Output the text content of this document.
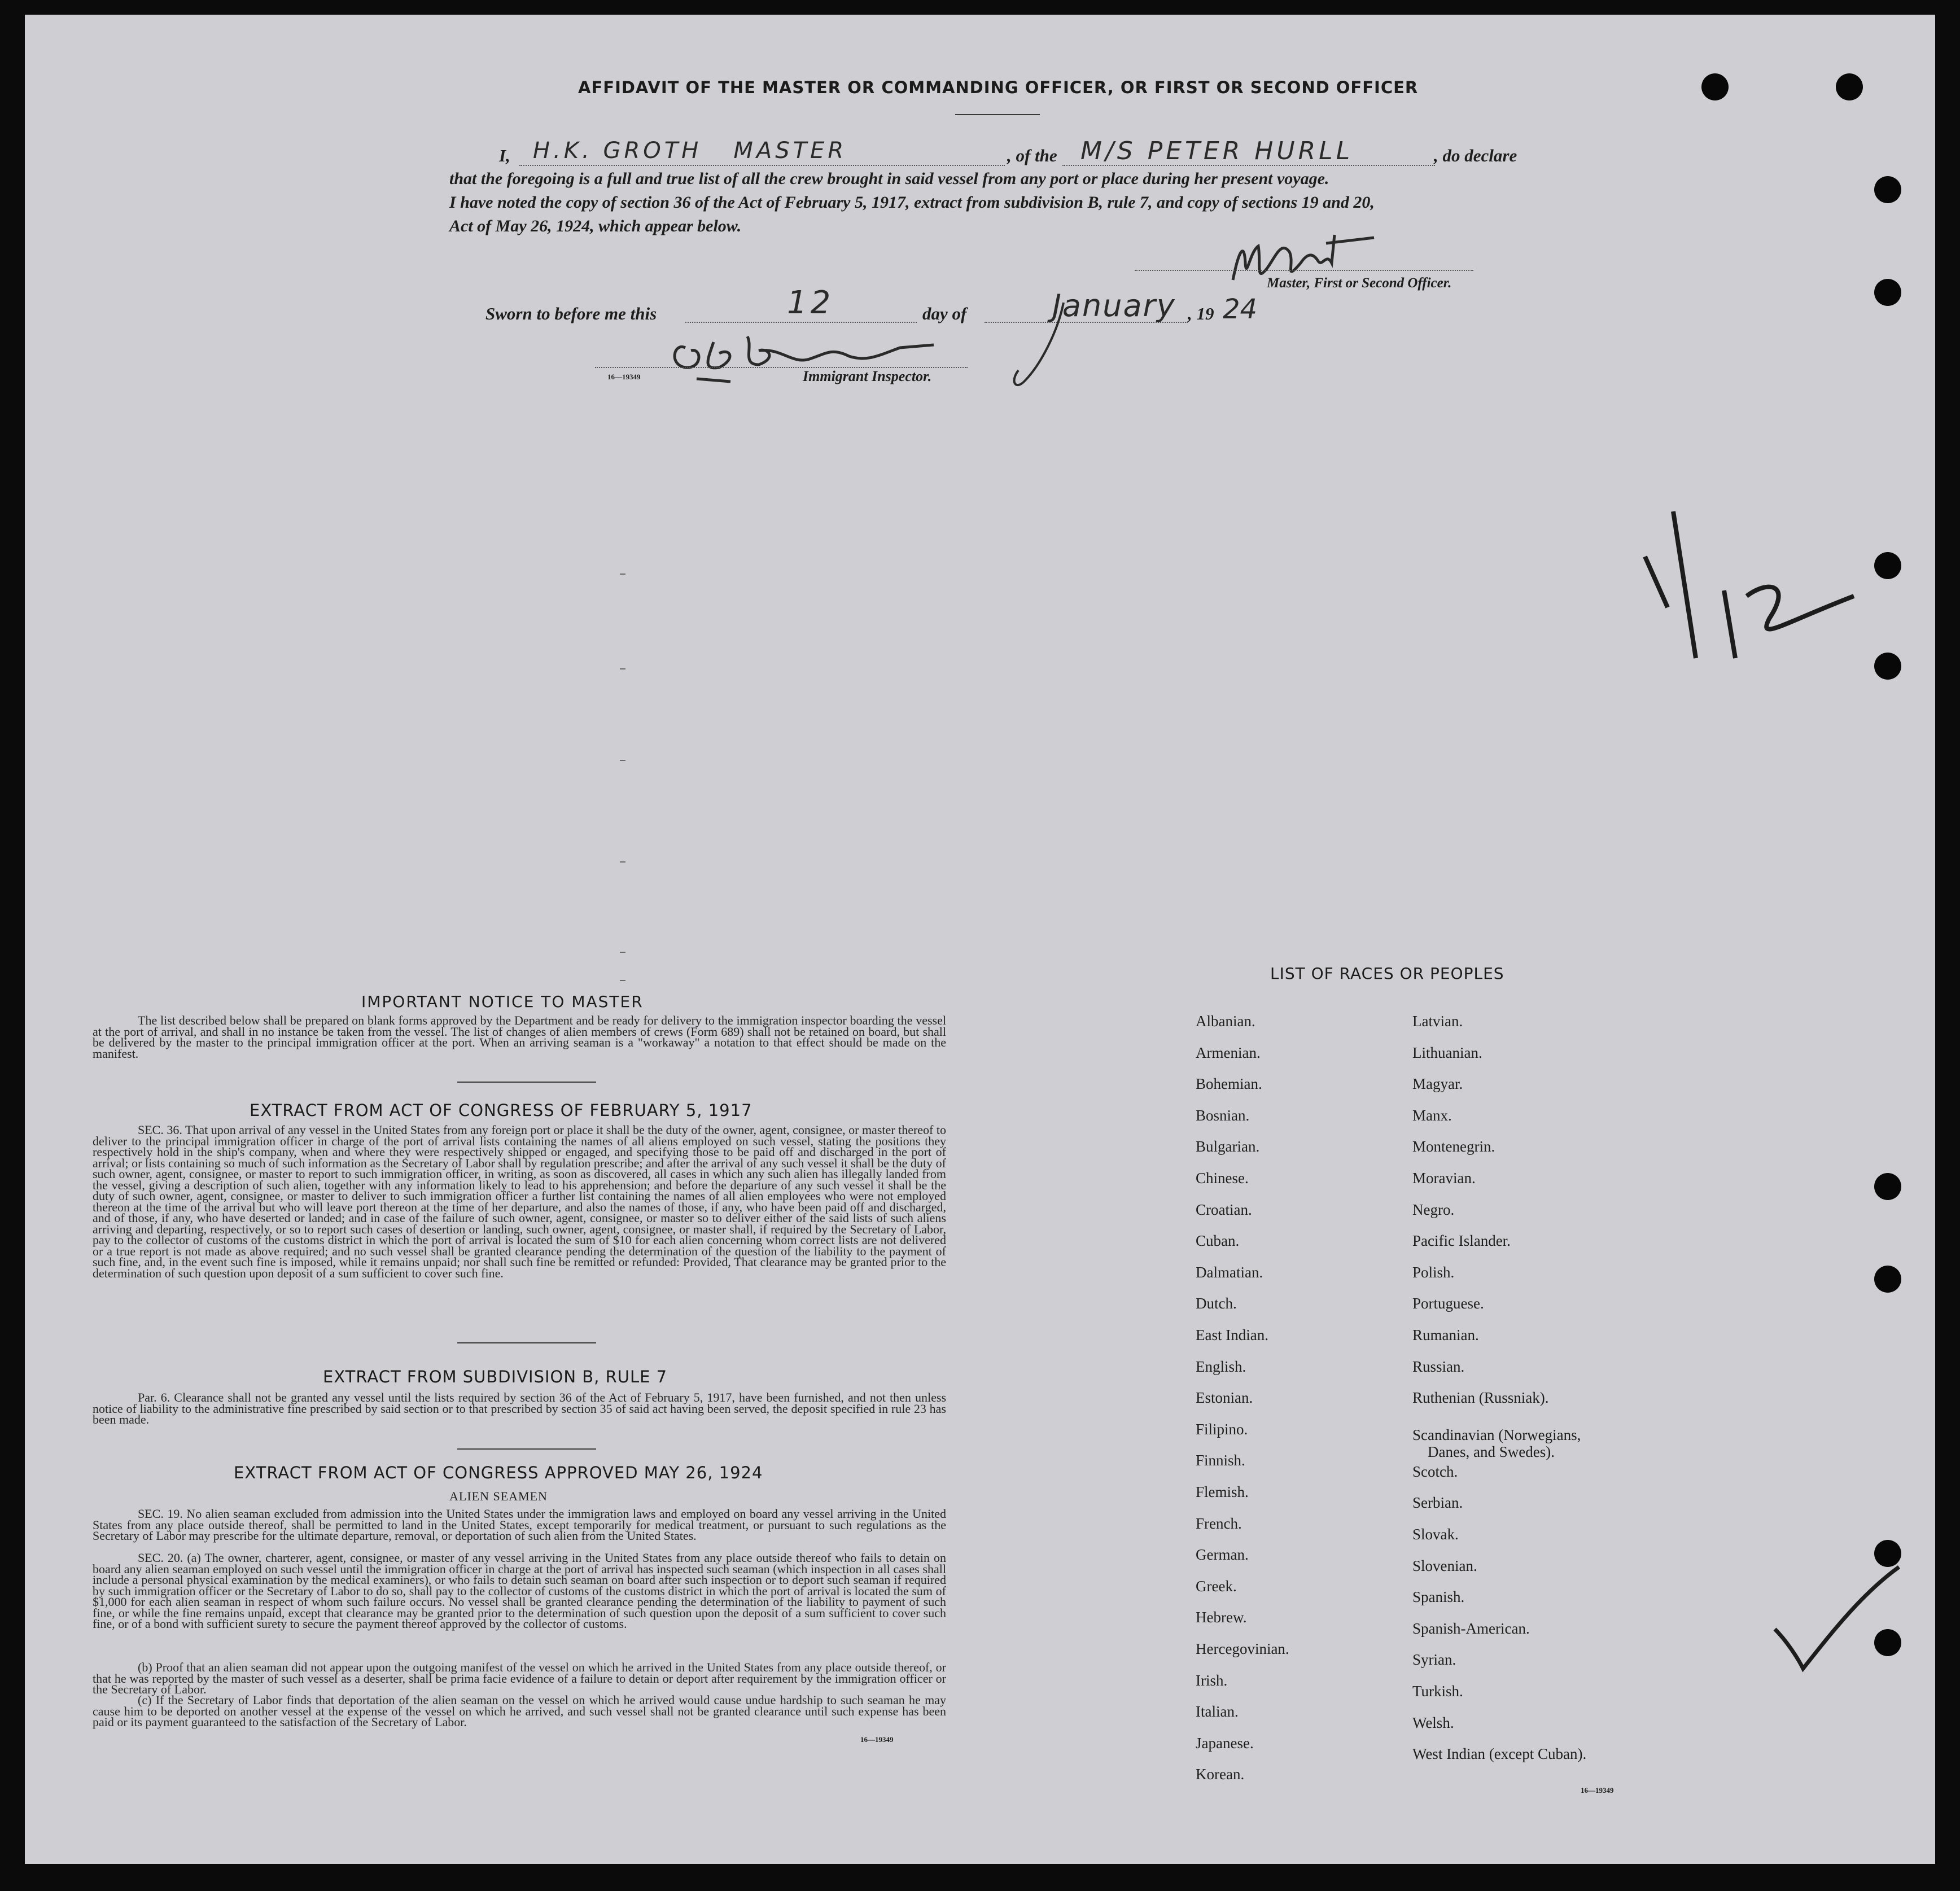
AFFIDAVIT OF THE MASTER OR COMMANDING OFFICER, OR FIRST OR SECOND OFFICER
I, H.K. GROTH   MASTER	, of the M/S PETER HURLL	, do declare
that the foregoing is a full and true list of all the crew brought in said vessel from any port or place during her present voyage.
I have noted the copy of section 36 of the Act of February 5, 1917, extract from subdivision B, rule 7, and copy of sections 19 and 20,
Act of May 26, 1924, which appear below.
Master, First or Second Officer.
Sworn to before me this	12	day of	January , 19 24
16—19349	Immigrant Inspector.
IMPORTANT NOTICE TO MASTER
The list described below shall be prepared on blank forms approved by the Department and be ready for delivery to the immigration inspector boarding the vessel at the port of arrival, and shall in no instance be taken from the vessel. The list of changes of alien members of crews (Form 689) shall not be retained on board, but shall be delivered by the master to the principal immigration officer at the port. When an arriving seaman is a "workaway" a notation to that effect should be made on the manifest.
EXTRACT FROM ACT OF CONGRESS OF FEBRUARY 5, 1917
SEC. 36. That upon arrival of any vessel in the United States from any foreign port or place it shall be the duty of the owner, agent, consignee, or master thereof to deliver to the principal immigration officer in charge of the port of arrival lists containing the names of all aliens employed on such vessel, stating the positions they respectively hold in the ship's company, when and where they were respectively shipped or engaged, and specifying those to be paid off and discharged in the port of arrival; or lists containing so much of such information as the Secretary of Labor shall by regulation prescribe; and after the arrival of any such vessel it shall be the duty of such owner, agent, consignee, or master to report to such immigration officer, in writing, as soon as discovered, all cases in which any such alien has illegally landed from the vessel, giving a description of such alien, together with any information likely to lead to his apprehension; and before the departure of any such vessel it shall be the duty of such owner, agent, consignee, or master to deliver to such immigration officer a further list containing the names of all alien employees who were not employed thereon at the time of the arrival but who will leave port thereon at the time of her departure, and also the names of those, if any, who have been paid off and discharged, and of those, if any, who have deserted or landed; and in case of the failure of such owner, agent, consignee, or master so to deliver either of the said lists of such aliens arriving and departing, respectively, or so to report such cases of desertion or landing, such owner, agent, consignee, or master shall, if required by the Secretary of Labor, pay to the collector of customs of the customs district in which the port of arrival is located the sum of $10 for each alien concerning whom correct lists are not delivered or a true report is not made as above required; and no such vessel shall be granted clearance pending the determination of the question of the liability to the payment of such fine, and, in the event such fine is imposed, while it remains unpaid; nor shall such fine be remitted or refunded: Provided, That clearance may be granted prior to the determination of such question upon deposit of a sum sufficient to cover such fine.
EXTRACT FROM SUBDIVISION B, RULE 7
Par. 6. Clearance shall not be granted any vessel until the lists required by section 36 of the Act of February 5, 1917, have been furnished, and not then unless notice of liability to the administrative fine prescribed by said section or to that prescribed by section 35 of said act having been served, the deposit specified in rule 23 has been made.
EXTRACT FROM ACT OF CONGRESS APPROVED MAY 26, 1924
ALIEN SEAMEN
SEC. 19. No alien seaman excluded from admission into the United States under the immigration laws and employed on board any vessel arriving in the United States from any place outside thereof, shall be permitted to land in the United States, except temporarily for medical treatment, or pursuant to such regulations as the Secretary of Labor may prescribe for the ultimate departure, removal, or deportation of such alien from the United States.
SEC. 20. (a) The owner, charterer, agent, consignee, or master of any vessel arriving in the United States from any place outside thereof who fails to detain on board any alien seaman employed on such vessel until the immigration officer in charge at the port of arrival has inspected such seaman (which inspection in all cases shall include a personal physical examination by the medical examiners), or who fails to detain such seaman on board after such inspection or to deport such seaman if required by such immigration officer or the Secretary of Labor to do so, shall pay to the collector of customs of the customs district in which the port of arrival is located the sum of $1,000 for each alien seaman in respect of whom such failure occurs. No vessel shall be granted clearance pending the determination of the liability to payment of such fine, or while the fine remains unpaid, except that clearance may be granted prior to the determination of such question upon the deposit of a sum sufficient to cover such fine, or of a bond with sufficient surety to secure the payment thereof approved by the collector of customs.
(b) Proof that an alien seaman did not appear upon the outgoing manifest of the vessel on which he arrived in the United States from any place outside thereof, or that he was reported by the master of such vessel as a deserter, shall be prima facie evidence of a failure to detain or deport after requirement by the immigration officer or the Secretary of Labor.
(c) If the Secretary of Labor finds that deportation of the alien seaman on the vessel on which he arrived would cause undue hardship to such seaman he may cause him to be deported on another vessel at the expense of the vessel on which he arrived, and such vessel shall not be granted clearance until such expense has been paid or its payment guaranteed to the satisfaction of the Secretary of Labor.
16—19349
LIST OF RACES OR PEOPLES
16—19349
Albanian.
Armenian.
Bohemian.
Bosnian.
Bulgarian.
Chinese.
Croatian.
Cuban.
Dalmatian.
Dutch.
East Indian.
English.
Estonian.
Filipino.
Finnish.
Flemish.
French.
German.
Greek.
Hebrew.
Hercegovinian.
Irish.
Italian.
Japanese.
Korean.
Latvian.
Lithuanian.
Magyar.
Manx.
Montenegrin.
Moravian.
Negro.
Pacific Islander.
Polish.
Portuguese.
Rumanian.
Russian.
Ruthenian (Russniak).
Scandinavian (Norwegians,
Danes, and Swedes).
Scotch.
Serbian.
Slovak.
Slovenian.
Spanish.
Spanish-American.
Syrian.
Turkish.
Welsh.
West Indian (except Cuban).
